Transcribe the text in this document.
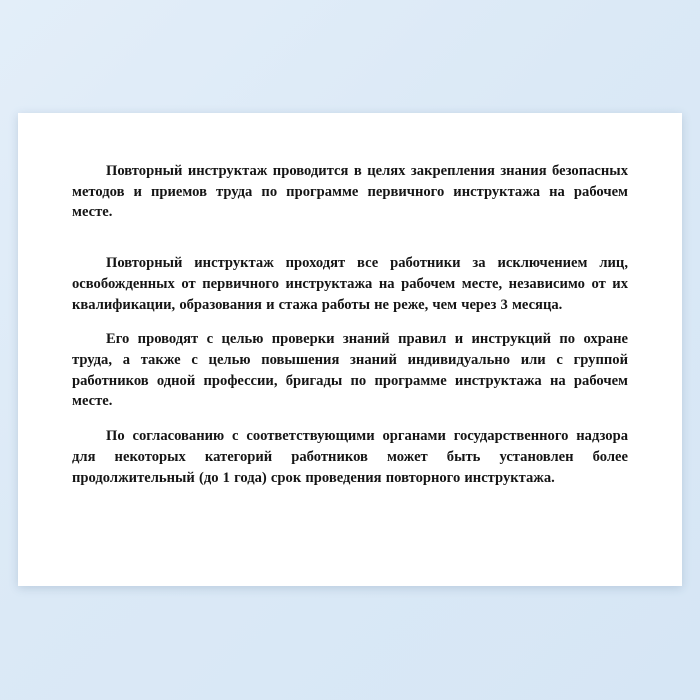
Повторный инструктаж проводится в целях закрепления знания безопасных методов и приемов труда по программе первичного инструктажа на рабочем месте.

Повторный инструктаж проходят все работники за исключением лиц, освобожденных от первичного инструктажа на рабочем месте, независимо от их квалификации, образования и стажа работы не реже, чем через 3 месяца.

Его проводят с целью проверки знаний правил и инструкций по охране труда, а также с целью повышения знаний индивидуально или с группой работников одной профессии, бригады по программе инструктажа на рабочем месте.

По согласованию с соответствующими органами государственного надзора для некоторых категорий работников может быть установлен более продолжительный (до 1 года) срок проведения повторного инструктажа.
